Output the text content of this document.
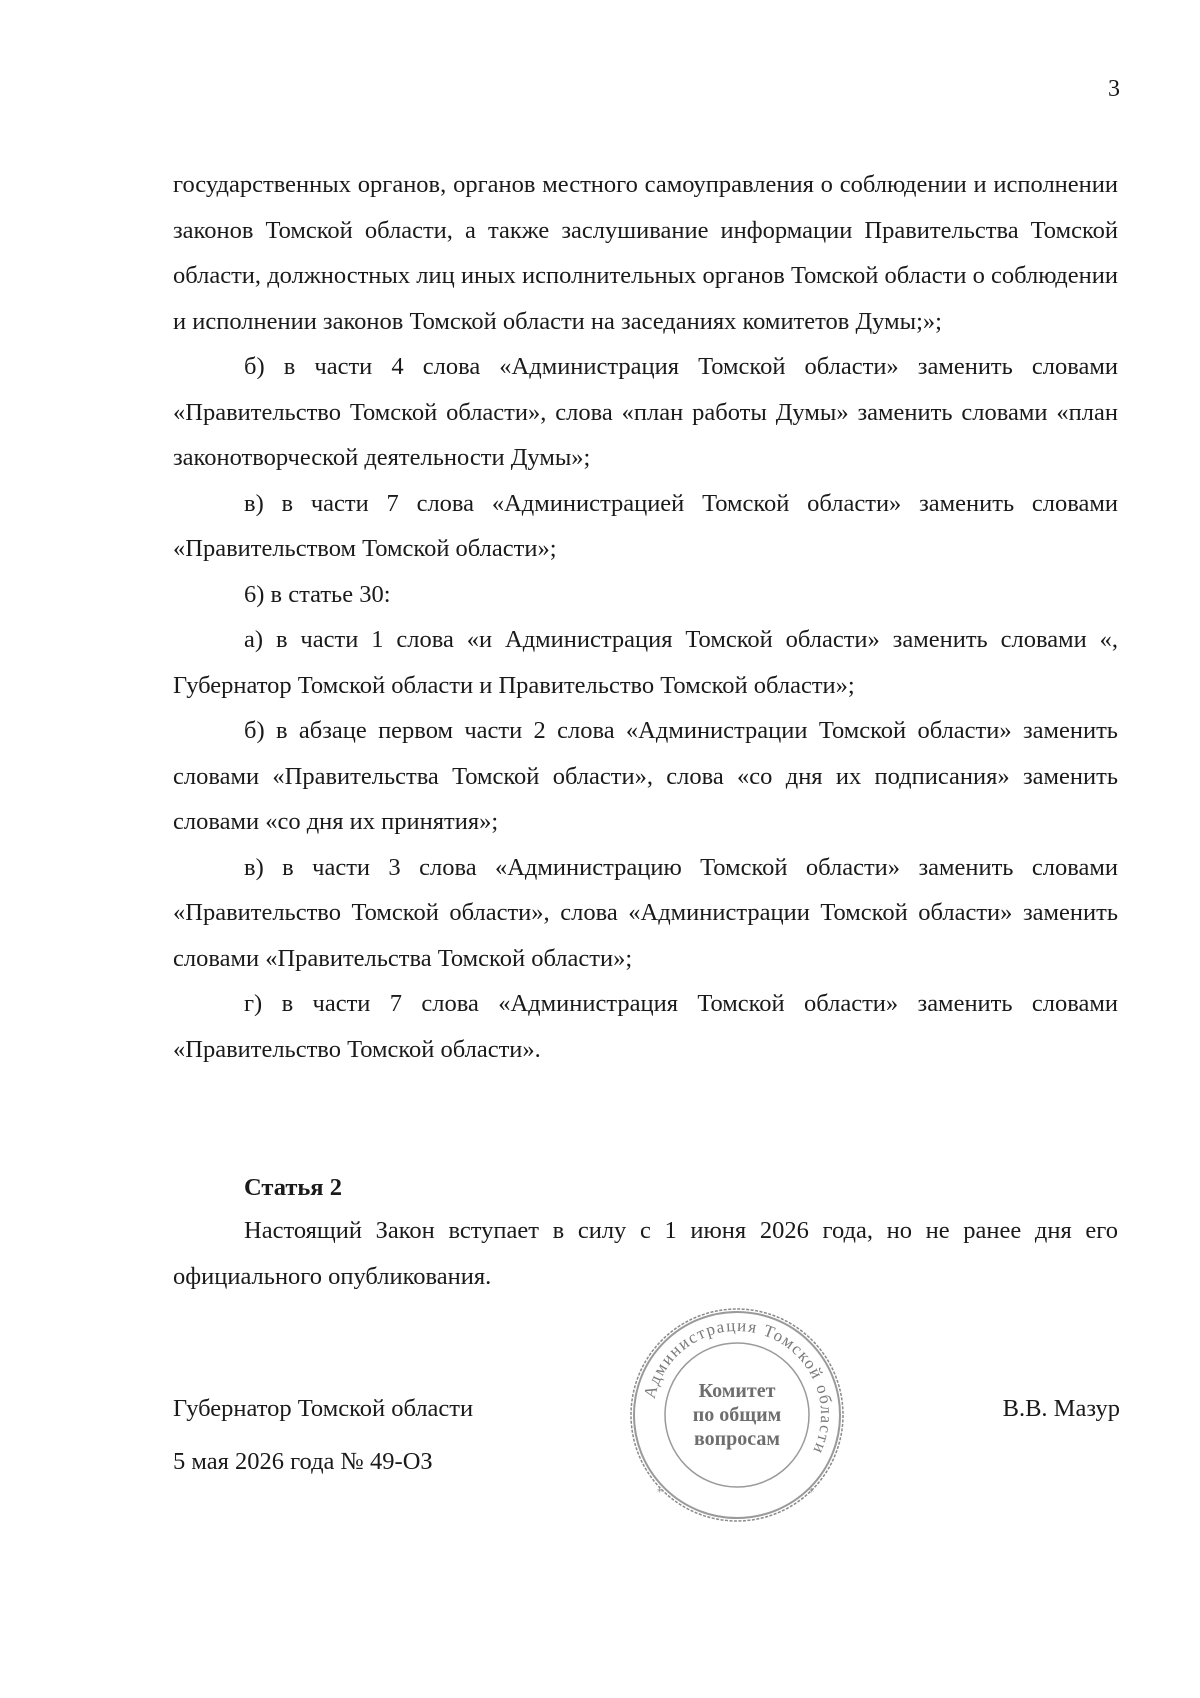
3

государственных органов, органов местного самоуправления о соблюдении и исполнении законов Томской области, а также заслушивание информации Правительства Томской области, должностных лиц иных исполнительных органов Томской области о соблюдении и исполнении законов Томской области на заседаниях комитетов Думы;»;

б) в части 4 слова «Администрация Томской области» заменить словами «Правительство Томской области», слова «план работы Думы» заменить словами «план законотворческой деятельности Думы»;

в) в части 7 слова «Администрацией Томской области» заменить словами «Правительством Томской области»;

6) в статье 30:

а) в части 1 слова «и Администрация Томской области» заменить словами «, Губернатор Томской области и Правительство Томской области»;

б) в абзаце первом части 2 слова «Администрации Томской области» заменить словами «Правительства Томской области», слова «со дня их подписания» заменить словами «со дня их принятия»;

в) в части 3 слова «Администрацию Томской области» заменить словами «Правительство Томской области», слова «Администрации Томской области» заменить словами «Правительства Томской области»;

г) в части 7 слова «Администрация Томской области» заменить словами «Правительство Томской области».

Статья 2

Настоящий Закон вступает в силу с 1 июня 2026 года, но не ранее дня его официального опубликования.

Губернатор Томской области
5 мая 2026 года № 49-ОЗ
В.В. Мазур
Администрация Томской области
*	*
Комитет
по общим
вопросам
